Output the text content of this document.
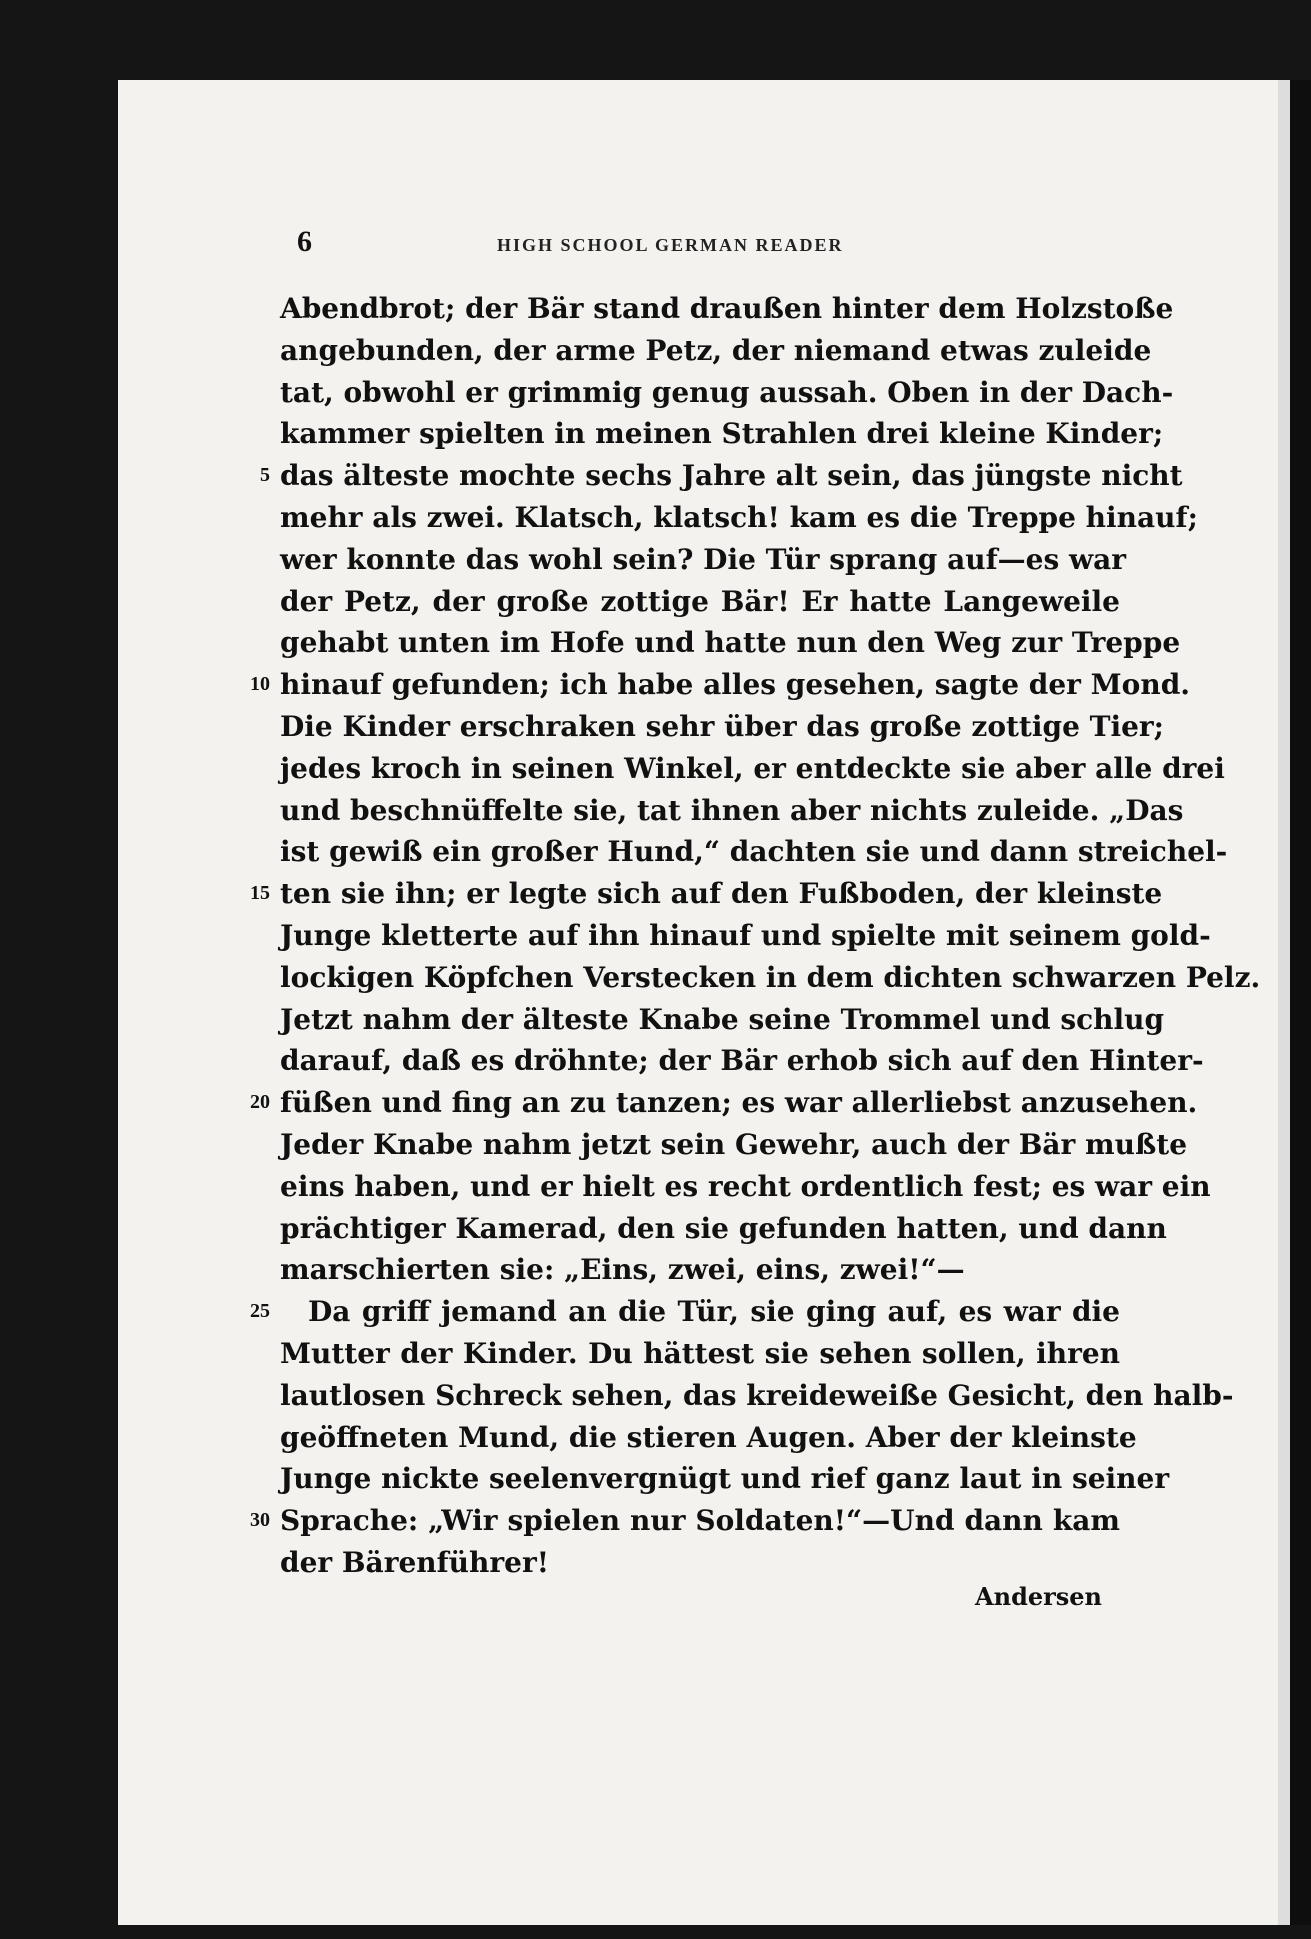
6	HIGH SCHOOL GERMAN READER
Abendbrot; der Bär stand draußen hinter dem Holzstoße
angebunden, der arme Petz, der niemand etwas zuleide
tat, obwohl er grimmig genug aussah. Oben in der Dach-
kammer spielten in meinen Strahlen drei kleine Kinder;
5 das älteste mochte sechs Jahre alt sein, das jüngste nicht
mehr als zwei. Klatsch, klatsch! kam es die Treppe hinauf;
wer konnte das wohl sein? Die Tür sprang auf—es war
der Petz, der große zottige Bär! Er hatte Langeweile
gehabt unten im Hofe und hatte nun den Weg zur Treppe
10 hinauf gefunden; ich habe alles gesehen, sagte der Mond.
Die Kinder erschraken sehr über das große zottige Tier;
jedes kroch in seinen Winkel, er entdeckte sie aber alle drei
und beschnüffelte sie, tat ihnen aber nichts zuleide. „Das
ist gewiß ein großer Hund,“ dachten sie und dann streichel-
15 ten sie ihn; er legte sich auf den Fußboden, der kleinste
Junge kletterte auf ihn hinauf und spielte mit seinem gold-
lockigen Köpfchen Verstecken in dem dichten schwarzen Pelz.
Jetzt nahm der älteste Knabe seine Trommel und schlug
darauf, daß es dröhnte; der Bär erhob sich auf den Hinter-
20 füßen und fing an zu tanzen; es war allerliebst anzusehen.
Jeder Knabe nahm jetzt sein Gewehr, auch der Bär mußte
eins haben, und er hielt es recht ordentlich fest; es war ein
prächtiger Kamerad, den sie gefunden hatten, und dann
marschierten sie: „Eins, zwei, eins, zwei!“—
25 Da griff jemand an die Tür, sie ging auf, es war die
Mutter der Kinder. Du hättest sie sehen sollen, ihren
lautlosen Schreck sehen, das kreideweiße Gesicht, den halb-
geöffneten Mund, die stieren Augen. Aber der kleinste
Junge nickte seelenvergnügt und rief ganz laut in seiner
30 Sprache: „Wir spielen nur Soldaten!“—Und dann kam
der Bärenführer!
Andersen
